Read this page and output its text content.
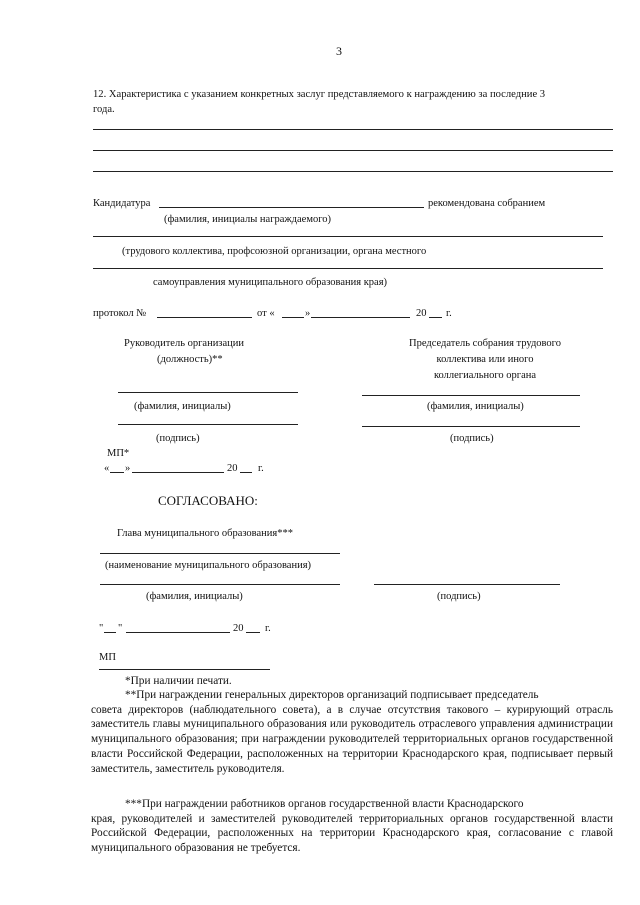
3
12. Характеристика с указанием конкретных заслуг представляемого к награждению за последние 3
года.
Кандидатура	рекомендована собранием
(фамилия, инициалы награждаемого)
(трудового коллектива, профсоюзной организации, органа местного
самоуправления муниципального образования края)
протокол №	от «	»	20 г.
Руководитель организации
(должность)**
(фамилия, инициалы)
(подпись)
МП*
« »	20 г.
Председатель собрания трудового
коллектива или иного
коллегиального органа
(фамилия, инициалы)
(подпись)
СОГЛАСОВАНО:
Глава муниципального образования***
(наименование муниципального образования)
(фамилия, инициалы)	(подпись)
" "	20 г.
МП
*При наличии печати.
**При награждении генеральных директоров организаций подписывает председатель
совета директоров (наблюдательного совета), а в случае отсутствия такового – курирующий отрасль заместитель главы муниципального образования или руководитель отраслевого управления администрации муниципального образования; при награждении руководителей территориальных органов государственной власти Российской Федерации, расположенных на территории Краснодарского края, подписывает первый заместитель, заместитель руководителя.
***При награждении работников органов государственной власти Краснодарского
края, руководителей и заместителей руководителей территориальных органов государственной власти Российской Федерации, расположенных на территории Краснодарского края, согласование с главой муниципального образования не требуется.
